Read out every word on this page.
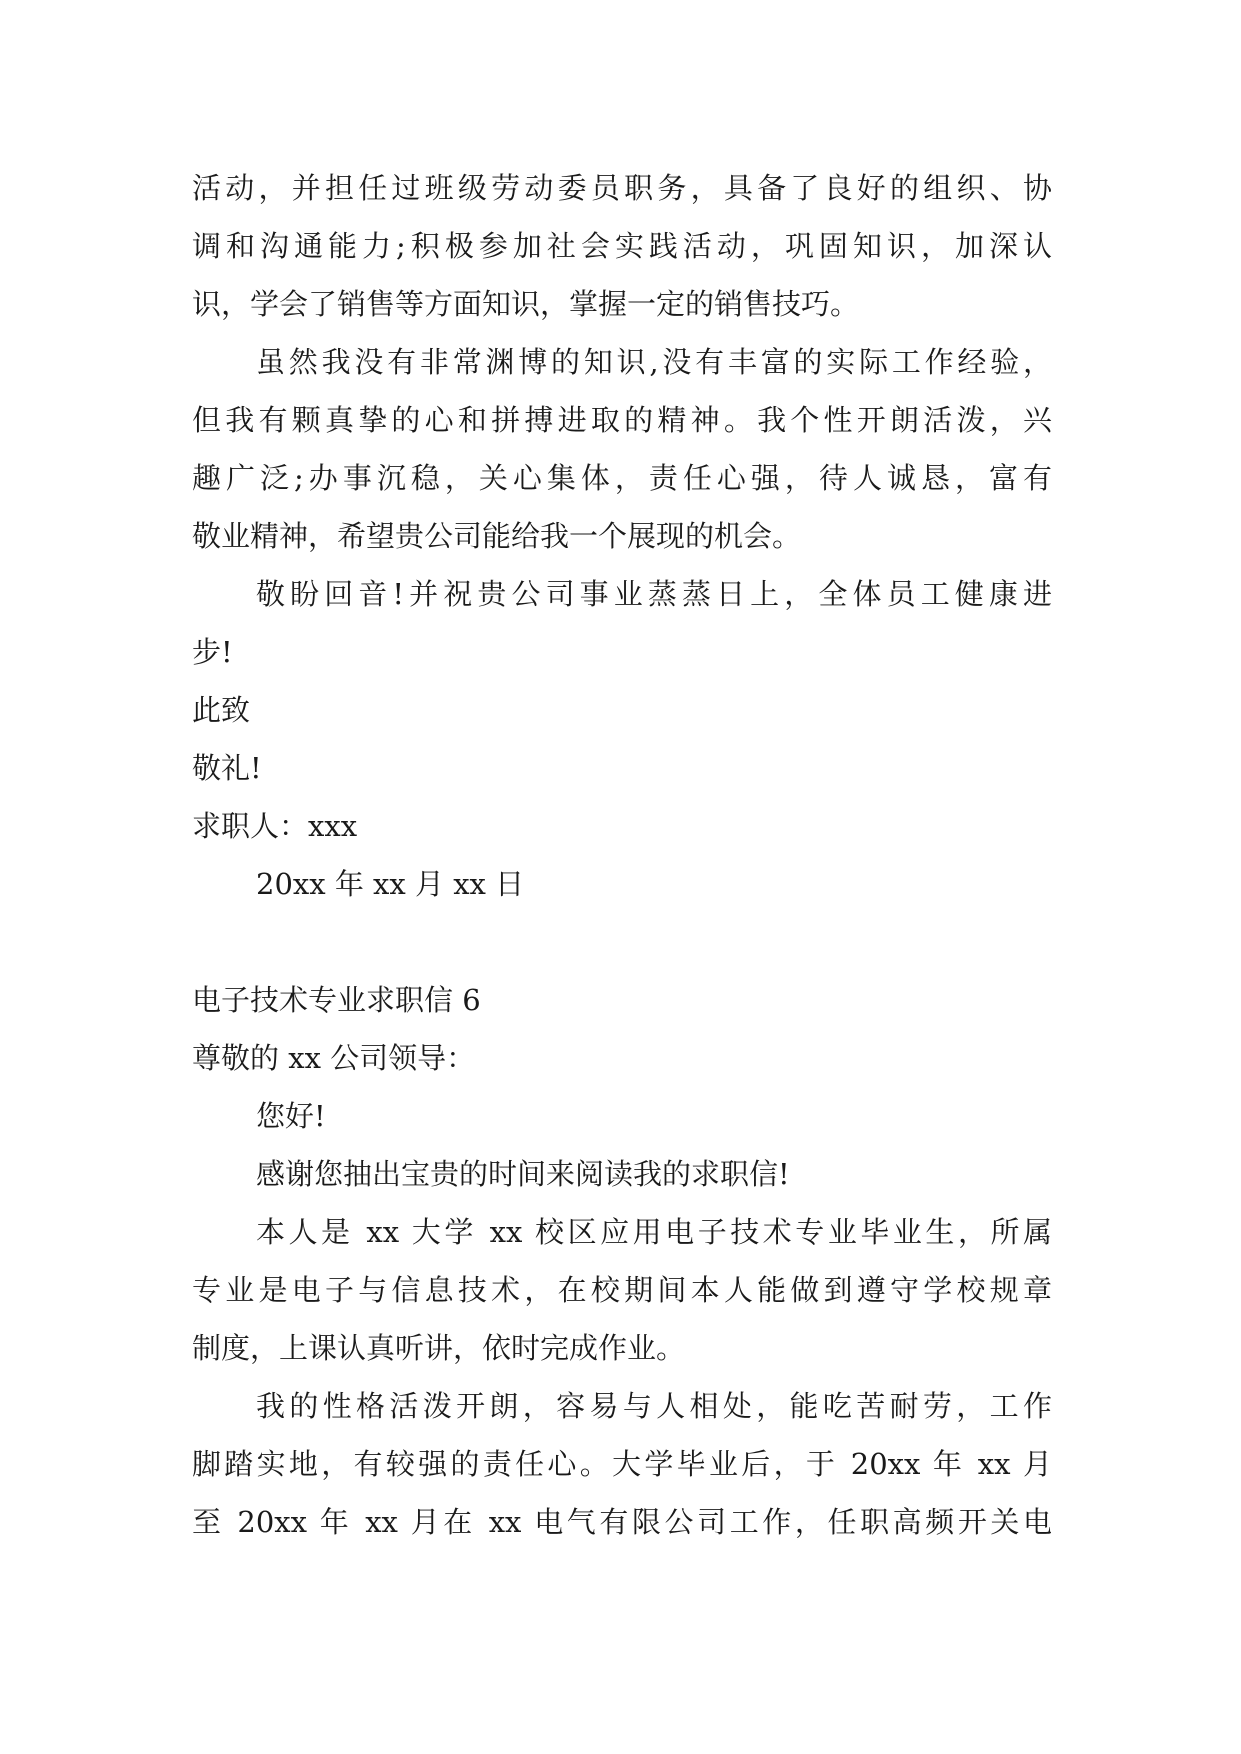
活动，并担任过班级劳动委员职务，具备了良好的组织、协
调和沟通能力;积极参加社会实践活动，巩固知识，加深认
识，学会了销售等方面知识，掌握一定的销售技巧。
虽然我没有非常渊博的知识,没有丰富的实际工作经验，
但我有颗真挚的心和拼搏进取的精神。我个性开朗活泼，兴
趣广泛;办事沉稳，关心集体，责任心强，待人诚恳，富有
敬业精神，希望贵公司能给我一个展现的机会。
敬盼回音!并祝贵公司事业蒸蒸日上，全体员工健康进
步!
此致
敬礼!
求职人：xxx
20xx 年 xx 月 xx 日
电子技术专业求职信 6
尊敬的 xx 公司领导：
您好!
感谢您抽出宝贵的时间来阅读我的求职信!
本人是 xx 大学 xx 校区应用电子技术专业毕业生，所属
专业是电子与信息技术，在校期间本人能做到遵守学校规章
制度，上课认真听讲，依时完成作业。
我的性格活泼开朗，容易与人相处，能吃苦耐劳，工作
脚踏实地，有较强的责任心。大学毕业后，于 20xx 年 xx 月
至 20xx 年 xx 月在 xx 电气有限公司工作，任职高频开关电
